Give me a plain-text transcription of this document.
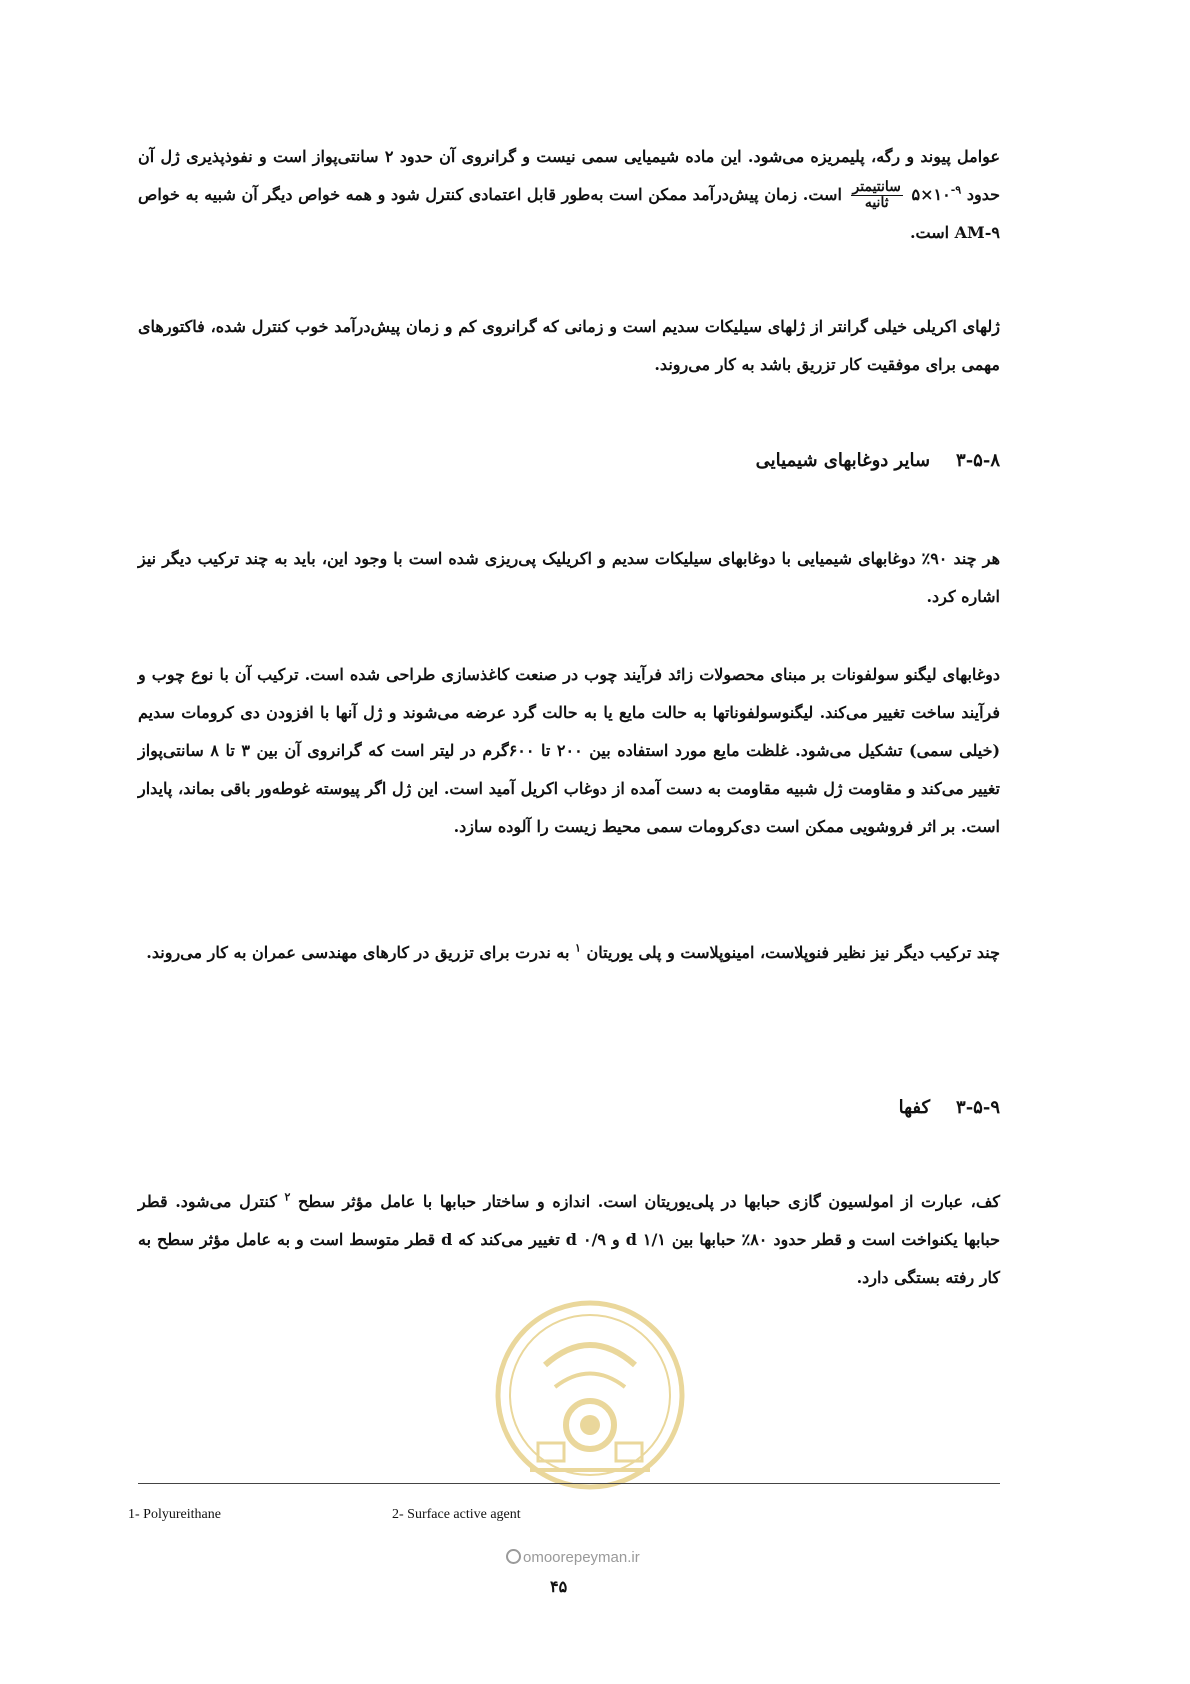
عوامل پیوند و رگه، پلیمریزه می‌شود. این ماده شیمیایی سمی نیست و گرانروی آن حدود ۲ سانتی‌پواز است و نفوذپذیری ژل آن حدود $۵\times ۱۰^{-۹}$
$\frac{\text{سانتیمتر}}{\text{ثانیه}}$
است. زمان پیش‌درآمد ممکن است به‌طور قابل اعتمادی کنترل شود و همه خواص دیگر آن شبیه به خواص AM-۹ است.

ژلهای اکریلی خیلی گرانتر از ژلهای سیلیکات سدیم است و زمانی که گرانروی کم و زمان پیش‌درآمد خوب کنترل شده، فاکتورهای مهمی برای موفقیت کار تزریق باشد به کار می‌روند.

۳-۵-۸سایر دوغابهای شیمیایی

هر چند ۹۰٪ دوغابهای شیمیایی با دوغابهای سیلیکات سدیم و اکریلیک پی‌ریزی شده است با وجود این، باید به چند ترکیب دیگر نیز اشاره کرد.

دوغابهای لیگنو سولفونات بر مبنای محصولات زائد فرآیند چوب در صنعت کاغذسازی طراحی شده است. ترکیب آن با نوع چوب و فرآیند ساخت تغییر می‌کند. لیگنوسولفوناتها به حالت مایع یا به حالت گرد عرضه می‌شوند و ژل آنها با افزودن دی کرومات سدیم (خیلی سمی) تشکیل می‌شود. غلظت مایع مورد استفاده بین ۲۰۰ تا ۶۰۰گرم در لیتر است که گرانروی آن بین ۳ تا ۸ سانتی‌پواز تغییر می‌کند و مقاومت ژل شبیه مقاومت به دست آمده از دوغاب اکریل آمید است. این ژل اگر پیوسته غوطه‌ور باقی بماند، پایدار است. بر اثر فروشویی ممکن است دی‌کرومات سمی محیط زیست را آلوده سازد.

چند ترکیب دیگر نیز نظیر فنوپلاست، امینوپلاست و پلی یوریتان $^۱$ به ندرت برای تزریق در کارهای مهندسی عمران به کار می‌روند.

۳-۵-۹کفها

کف، عبارت از امولسیون گازی حبابها در پلی‌یوریتان است. اندازه و ساختار حبابها با عامل مؤثر سطح $^۲$ کنترل می‌شود. قطر حبابها یکنواخت است و قطر حدود ۸۰٪ حبابها بین ۱/۱ d و ۰/۹ d تغییر می‌کند که d قطر متوسط است و به عامل مؤثر سطح به کار رفته بستگی دارد.

1- Polyureithane	2- Surface active agent
omoorepeyman.ir
۴۵
